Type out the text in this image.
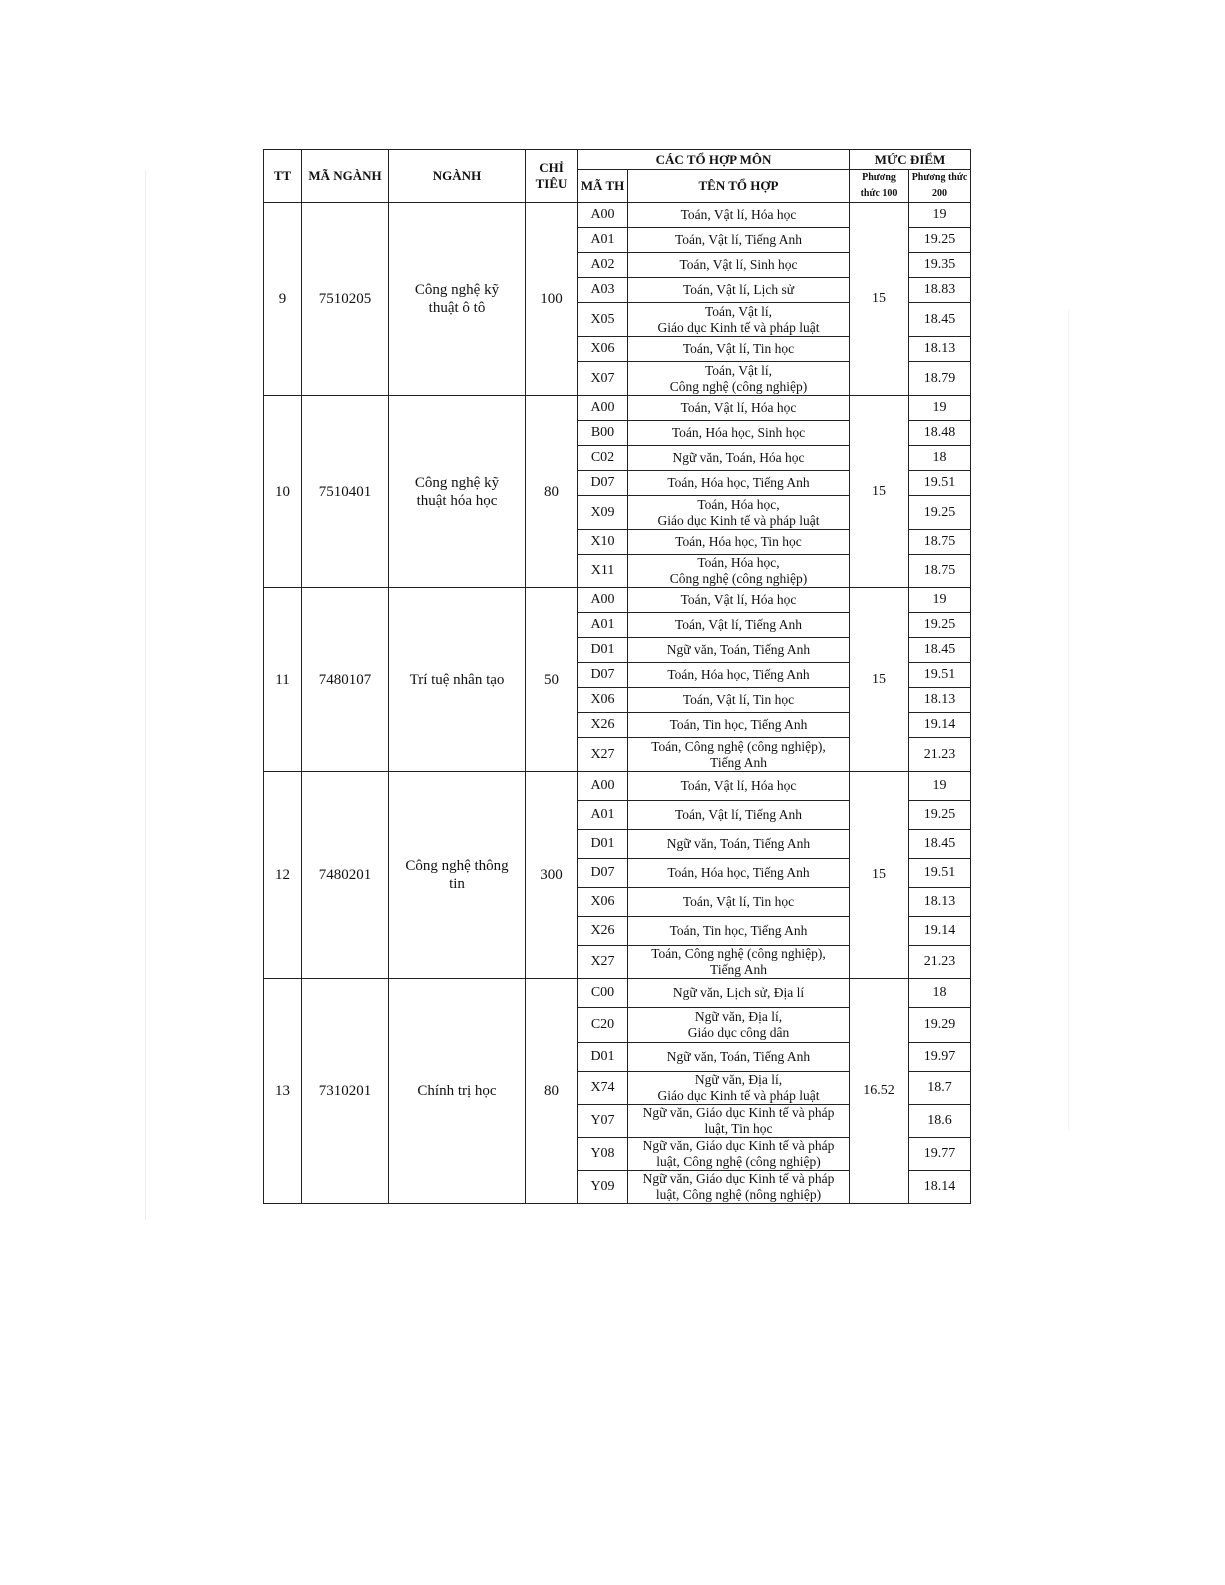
TT	MÃ NGÀNH	NGÀNH	CHỈ TIÊU	CÁC TỔ HỢP MÔN		MỨC ĐIỂM	
				MÃ TH	TÊN TỔ HỢP	Phương thức 100	Phương thức 200
9	7510205	Công nghệ kỹ thuật ô tô	100	A00	Toán, Vật lí, Hóa học	15	19
				A01	Toán, Vật lí, Tiếng Anh		19.25
				A02	Toán, Vật lí, Sinh học		19.35
				A03	Toán, Vật lí, Lịch sử		18.83
				X05	Toán, Vật lí,
Giáo dục Kinh tế và pháp luật		18.45
				X06	Toán, Vật lí, Tin học		18.13
				X07	Toán, Vật lí,
Công nghệ (công nghiệp)		18.79
10	7510401	Công nghệ kỹ thuật hóa học	80	A00	Toán, Vật lí, Hóa học	15	19
				B00	Toán, Hóa học, Sinh học		18.48
				C02	Ngữ văn, Toán, Hóa học		18
				D07	Toán, Hóa học, Tiếng Anh		19.51
				X09	Toán, Hóa học,
Giáo dục Kinh tế và pháp luật		19.25
				X10	Toán, Hóa học, Tin học		18.75
				X11	Toán, Hóa học,
Công nghệ (công nghiệp)		18.75
11	7480107	Trí tuệ nhân tạo	50	A00	Toán, Vật lí, Hóa học	15	19
				A01	Toán, Vật lí, Tiếng Anh		19.25
				D01	Ngữ văn, Toán, Tiếng Anh		18.45
				D07	Toán, Hóa học, Tiếng Anh		19.51
				X06	Toán, Vật lí, Tin học		18.13
				X26	Toán, Tin học, Tiếng Anh		19.14
				X27	Toán, Công nghệ (công nghiệp),
Tiếng Anh		21.23
12	7480201	Công nghệ thông tin	300	A00	Toán, Vật lí, Hóa học	15	19
				A01	Toán, Vật lí, Tiếng Anh		19.25
				D01	Ngữ văn, Toán, Tiếng Anh		18.45
				D07	Toán, Hóa học, Tiếng Anh		19.51
				X06	Toán, Vật lí, Tin học		18.13
				X26	Toán, Tin học, Tiếng Anh		19.14
				X27	Toán, Công nghệ (công nghiệp),
Tiếng Anh		21.23
13	7310201	Chính trị học	80	C00	Ngữ văn, Lịch sử, Địa lí	16.52	18
				C20	Ngữ văn, Địa lí,
Giáo dục công dân		19.29
				D01	Ngữ văn, Toán, Tiếng Anh		19.97
				X74	Ngữ văn, Địa lí,
Giáo dục Kinh tế và pháp luật		18.7
				Y07	Ngữ văn, Giáo dục Kinh tế và pháp
luật, Tin học		18.6
				Y08	Ngữ văn, Giáo dục Kinh tế và pháp
luật, Công nghệ (công nghiệp)		19.77
				Y09	Ngữ văn, Giáo dục Kinh tế và pháp
luật, Công nghệ (nông nghiệp)		18.14
